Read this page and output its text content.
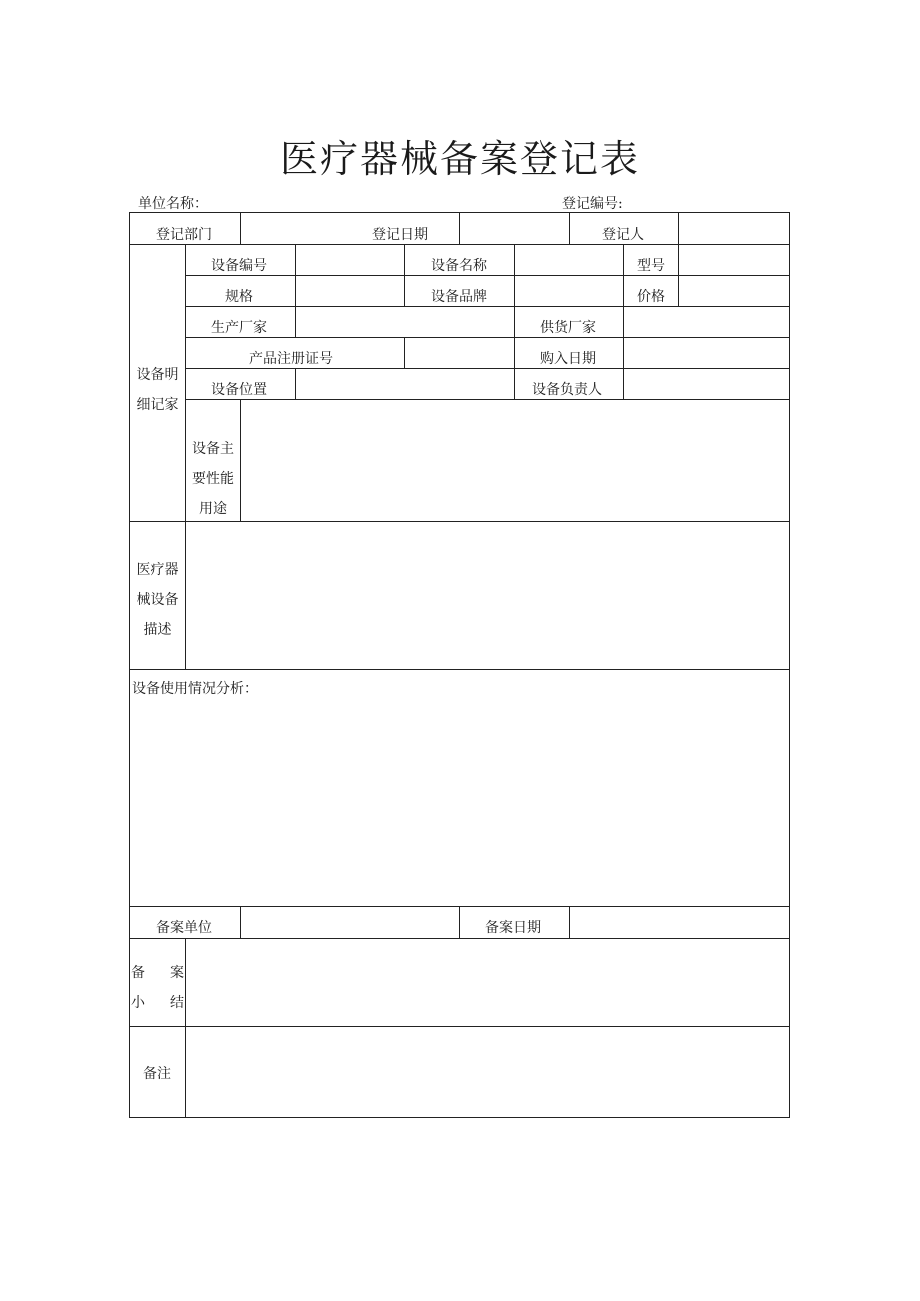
医疗器械备案登记表
单位名称：	登记编号:
登记部门	登记日期	登记人
设备明细记家
设备编号	设备名称	型号
规格	设备品牌	价格
生产厂家	供货厂家
产品注册证号	购入日期
设备位置	设备负责人
设备主要性能用途
医疗器械设备描述
设备使用情况分析：
备案单位	备案日期
备 案 小结
备注
